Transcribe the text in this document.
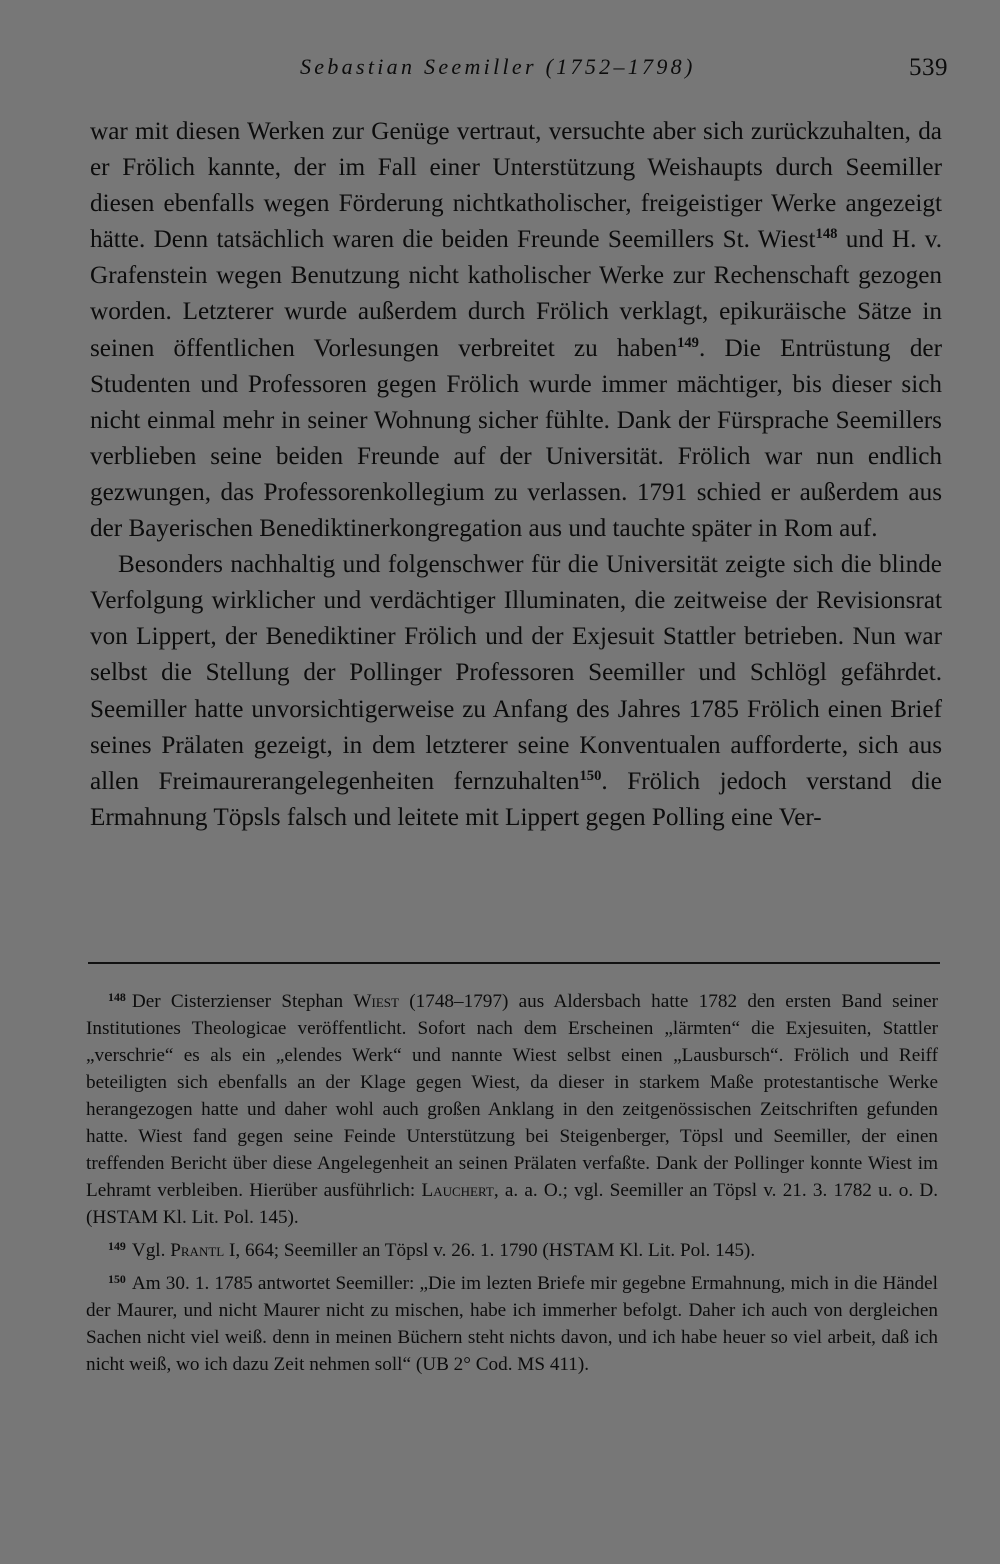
Sebastian Seemiller (1752–1798)	539

war mit diesen Werken zur Genüge vertraut, versuchte aber sich zurückzuhalten, da er Frölich kannte, der im Fall einer Unterstützung Weishaupts durch Seemiller diesen ebenfalls wegen Förderung nichtkatholischer, freigeistiger Werke angezeigt hätte. Denn tatsächlich waren die beiden Freunde Seemillers St. Wiest$^{148}$ und H. v. Grafenstein wegen Benutzung nicht katholischer Werke zur Rechenschaft gezogen worden. Letzterer wurde außerdem durch Frölich verklagt, epikuräische Sätze in seinen öffentlichen Vorlesungen verbreitet zu haben$^{149}$. Die Entrüstung der Studenten und Professoren gegen Frölich wurde immer mächtiger, bis dieser sich nicht einmal mehr in seiner Wohnung sicher fühlte. Dank der Fürsprache Seemillers verblieben seine beiden Freunde auf der Universität. Frölich war nun endlich gezwungen, das Professorenkollegium zu verlassen. 1791 schied er außerdem aus der Bayerischen Benediktinerkongregation aus und tauchte später in Rom auf.

Besonders nachhaltig und folgenschwer für die Universität zeigte sich die blinde Verfolgung wirklicher und verdächtiger Illuminaten, die zeitweise der Revisionsrat von Lippert, der Benediktiner Frölich und der Exjesuit Stattler betrieben. Nun war selbst die Stellung der Pollinger Professoren Seemiller und Schlögl gefährdet. Seemiller hatte unvorsichtigerweise zu Anfang des Jahres 1785 Frölich einen Brief seines Prälaten gezeigt, in dem letzterer seine Konventualen aufforderte, sich aus allen Freimaurerangelegenheiten fernzuhalten$^{150}$. Frölich jedoch verstand die Ermahnung Töpsls falsch und leitete mit Lippert gegen Polling eine Ver-

$^{148}$ Der Cisterzienser Stephan Wiest (1748–1797) aus Aldersbach hatte 1782 den ersten Band seiner Institutiones Theologicae veröffentlicht. Sofort nach dem Erscheinen „lärmten“ die Exjesuiten, Stattler „verschrie“ es als ein „elendes Werk“ und nannte Wiest selbst einen „Lausbursch“. Frölich und Reiff beteiligten sich ebenfalls an der Klage gegen Wiest, da dieser in starkem Maße protestantische Werke herangezogen hatte und daher wohl auch großen Anklang in den zeitgenössischen Zeitschriften gefunden hatte. Wiest fand gegen seine Feinde Unterstützung bei Steigenberger, Töpsl und Seemiller, der einen treffenden Bericht über diese Angelegenheit an seinen Prälaten verfaßte. Dank der Pollinger konnte Wiest im Lehramt verbleiben. Hierüber ausführlich: Lauchert, a. a. O.; vgl. Seemiller an Töpsl v. 21. 3. 1782 u. o. D. (HSTAM Kl. Lit. Pol. 145).

$^{149}$ Vgl. Prantl I, 664; Seemiller an Töpsl v. 26. 1. 1790 (HSTAM Kl. Lit. Pol. 145).

$^{150}$ Am 30. 1. 1785 antwortet Seemiller: „Die im lezten Briefe mir gegebne Ermahnung, mich in die Händel der Maurer, und nicht Maurer nicht zu mischen, habe ich immerher befolgt. Daher ich auch von dergleichen Sachen nicht viel weiß. denn in meinen Büchern steht nichts davon, und ich habe heuer so viel arbeit, daß ich nicht weiß, wo ich dazu Zeit nehmen soll“ (UB 2° Cod. MS 411).
